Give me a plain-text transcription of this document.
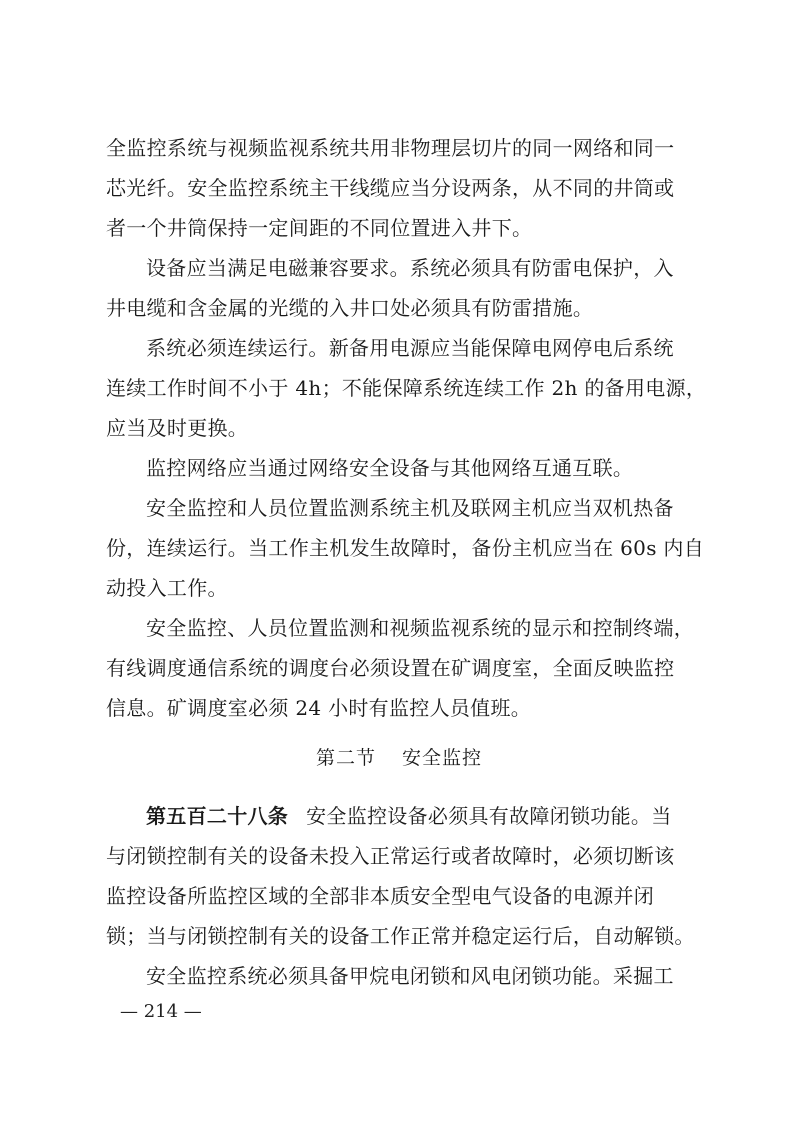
全监控系统与视频监视系统共用非物理层切片的同一网络和同一
芯光纤。安全监控系统主干线缆应当分设两条，从不同的井筒或
者一个井筒保持一定间距的不同位置进入井下。
设备应当满足电磁兼容要求。系统必须具有防雷电保护，入
井电缆和含金属的光缆的入井口处必须具有防雷措施。
系统必须连续运行。新备用电源应当能保障电网停电后系统
连续工作时间不小于 4h；不能保障系统连续工作 2h 的备用电源，
应当及时更换。
监控网络应当通过网络安全设备与其他网络互通互联。
安全监控和人员位置监测系统主机及联网主机应当双机热备
份，连续运行。当工作主机发生故障时，备份主机应当在 60s 内自
动投入工作。
安全监控、人员位置监测和视频监视系统的显示和控制终端，
有线调度通信系统的调度台必须设置在矿调度室，全面反映监控
信息。矿调度室必须 24 小时有监控人员值班。
第二节 安全监控
第五百二十八条 安全监控设备必须具有故障闭锁功能。当
与闭锁控制有关的设备未投入正常运行或者故障时，必须切断该
监控设备所监控区域的全部非本质安全型电气设备的电源并闭
锁；当与闭锁控制有关的设备工作正常并稳定运行后，自动解锁。
安全监控系统必须具备甲烷电闭锁和风电闭锁功能。采掘工
— 214 —
